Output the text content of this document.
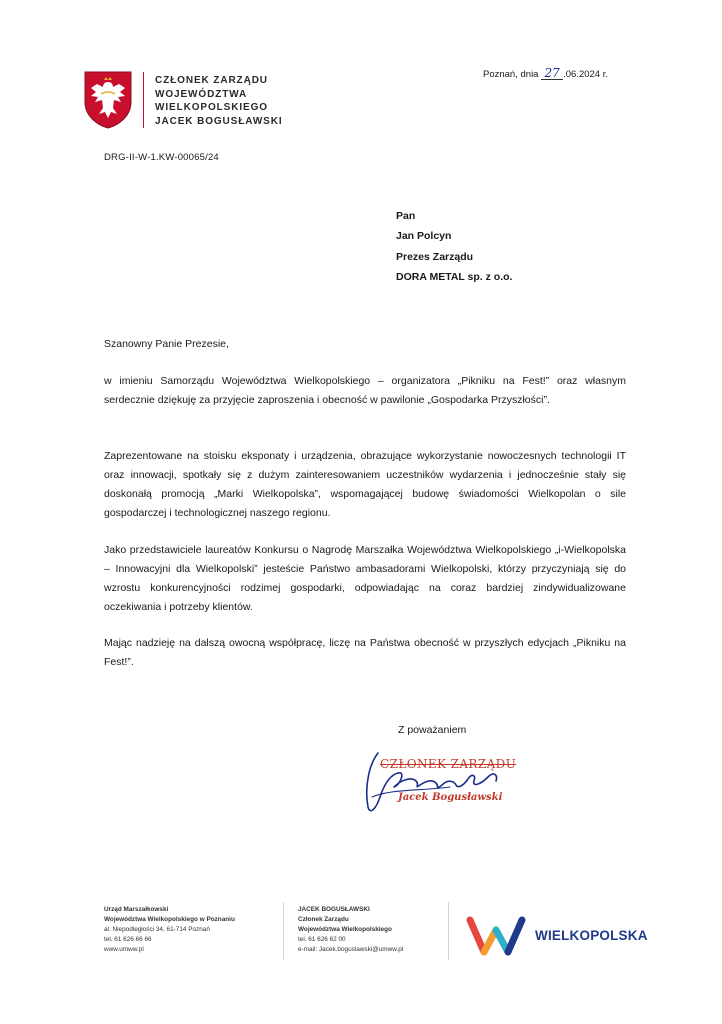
CZŁONEK ZARZĄDU
WOJEWÓDZTWA
WIELKOPOLSKIEGO
JACEK BOGUSŁAWSKI
Poznań, dnia 27 .06.2024 r.
DRG-II-W-1.KW-00065/24
Pan
Jan Polcyn
Prezes Zarządu
DORA METAL sp. z o.o.
Szanowny Panie Prezesie,
w imieniu Samorządu Województwa Wielkopolskiego – organizatora „Pikniku na Fest!” oraz własnym serdecznie dziękuję za przyjęcie zaproszenia i obecność w pawilonie „Gospodarka Przyszłości”.
Zaprezentowane na stoisku eksponaty i urządzenia, obrazujące wykorzystanie nowoczesnych technologii IT oraz innowacji, spotkały się z dużym zainteresowaniem uczestników wydarzenia i jednocześnie stały się doskonałą promocją „Marki Wielkopolska”, wspomagającej budowę świadomości Wielkopolan o sile gospodarczej i technologicznej naszego regionu.
Jako przedstawiciele laureatów Konkursu o Nagrodę Marszałka Województwa Wielkopolskiego „i-Wielkopolska – Innowacyjni dla Wielkopolski” jesteście Państwo ambasadorami Wielkopolski, którzy przyczyniają się do wzrostu konkurencyjności rodzimej gospodarki, odpowiadając na coraz bardziej zindywidualizowane oczekiwania i potrzeby klientów.
Mając nadzieję na dalszą owocną współpracę, liczę na Państwa obecność w przyszłych edycjach „Pikniku na Fest!”.
Z poważaniem
CZŁONEK ZARZĄDU
Jacek Bogusławski
Urząd Marszałkowski
Województwa Wielkopolskiego w Poznaniu
al. Niepodległości 34, 61-714 Poznań
tel. 61 626 66 66
www.umww.pl
JACEK BOGUSŁAWSKI
Członek Zarządu
Województwa Wielkopolskiego
tel. 61 626 62 00
e-mail: Jacek.boguslawski@umww.pl
WIELKOPOLSKA
